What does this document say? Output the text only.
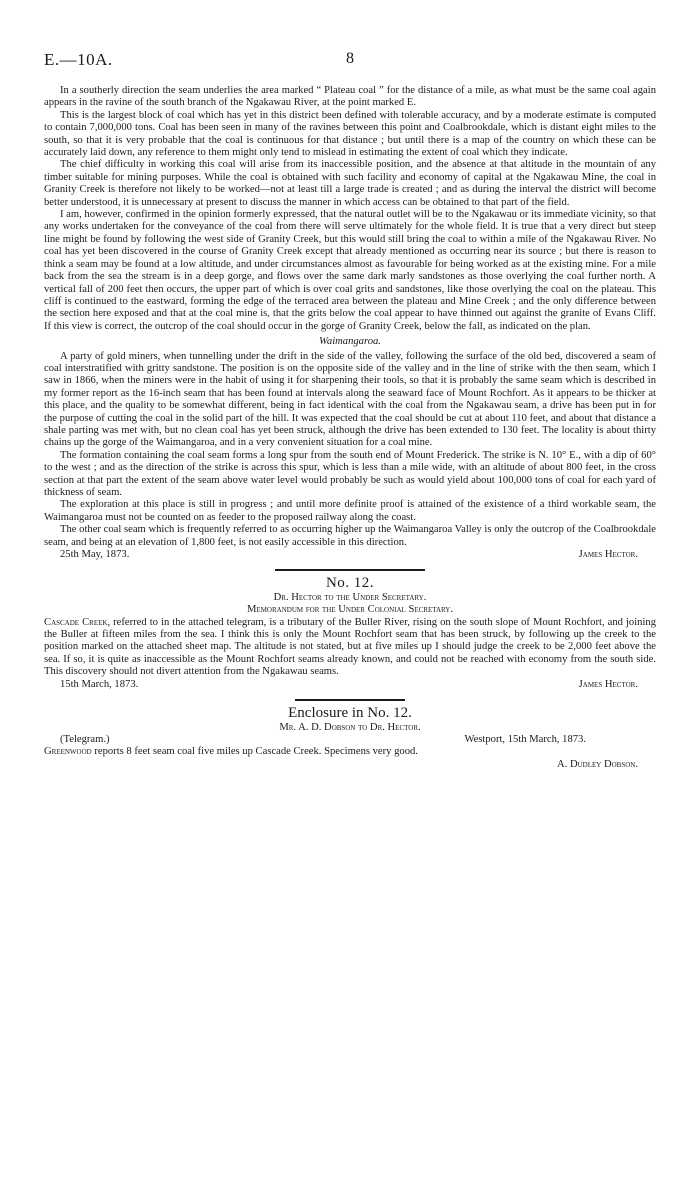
E.—10A.	8

In a southerly direction the seam underlies the area marked “ Plateau coal ” for the distance of a mile, as what must be the same coal again appears in the ravine of the south branch of the Ngakawau River, at the point marked E.

This is the largest block of coal which has yet in this district been defined with tolerable accuracy, and by a moderate estimate is computed to contain 7,000,000 tons. Coal has been seen in many of the ravines between this point and Coalbrookdale, which is distant eight miles to the south, so that it is very probable that the coal is continuous for that distance ; but until there is a map of the country on which these can be accurately laid down, any reference to them might only tend to mislead in estimating the extent of coal which they indicate.

The chief difficulty in working this coal will arise from its inaccessible position, and the absence at that altitude in the mountain of any timber suitable for mining purposes. While the coal is obtained with such facility and economy of capital at the Ngakawau Mine, the coal in Granity Creek is therefore not likely to be worked—not at least till a large trade is created ; and as during the interval the district will become better understood, it is unnecessary at present to discuss the manner in which access can be obtained to that part of the field.

I am, however, confirmed in the opinion formerly expressed, that the natural outlet will be to the Ngakawau or its immediate vicinity, so that any works undertaken for the conveyance of the coal from there will serve ultimately for the whole field. It is true that a very direct but steep line might be found by following the west side of Granity Creek, but this would still bring the coal to within a mile of the Ngakawau River. No coal has yet been discovered in the course of Granity Creek except that already mentioned as occurring near its source ; but there is reason to think a seam may be found at a low altitude, and under circumstances almost as favourable for being worked as at the existing mine. For a mile back from the sea the stream is in a deep gorge, and flows over the same dark marly sandstones as those overlying the coal further north. A vertical fall of 200 feet then occurs, the upper part of which is over coal grits and sandstones, like those overlying the coal on the plateau. This cliff is continued to the eastward, forming the edge of the terraced area between the plateau and Mine Creek ; and the only difference between the section here exposed and that at the coal mine is, that the grits below the coal appear to have thinned out against the granite of Evans Cliff. If this view is correct, the outcrop of the coal should occur in the gorge of Granity Creek, below the fall, as indicated on the plan.

Waimangaroa.

A party of gold miners, when tunnelling under the drift in the side of the valley, following the surface of the old bed, discovered a seam of coal interstratified with gritty sandstone. The position is on the opposite side of the valley and in the line of strike with the then seam, which I saw in 1866, when the miners were in the habit of using it for sharpening their tools, so that it is probably the same seam which is described in my former report as the 16-inch seam that has been found at intervals along the seaward face of Mount Rochfort. As it appears to be thicker at this place, and the quality to be somewhat different, being in fact identical with the coal from the Ngakawau seam, a drive has been put in for the purpose of cutting the coal in the solid part of the hill. It was expected that the coal should be cut at about 110 feet, and about that distance a shale parting was met with, but no clean coal has yet been struck, although the drive has been extended to 130 feet. The locality is about thirty chains up the gorge of the Waimangaroa, and in a very convenient situation for a coal mine.

The formation containing the coal seam forms a long spur from the south end of Mount Frederick. The strike is N. 10° E., with a dip of 60° to the west ; and as the direction of the strike is across this spur, which is less than a mile wide, with an altitude of about 800 feet, in the cross section at that part the extent of the seam above water level would probably be such as would yield about 100,000 tons of coal for each yard of thickness of seam.

The exploration at this place is still in progress ; and until more definite proof is attained of the existence of a third workable seam, the Waimangaroa must not be counted on as feeder to the proposed railway along the coast.

The other coal seam which is frequently referred to as occurring higher up the Waimangaroa Valley is only the outcrop of the Coalbrookdale seam, and being at an elevation of 1,800 feet, is not easily accessible in this direction.

25th May, 1873.	James Hector.
No. 12.
Dr. Hector to the Under Secretary.
Memorandum for the Under Colonial Secretary.

Cascade Creek, referred to in the attached telegram, is a tributary of the Buller River, rising on the south slope of Mount Rochfort, and joining the Buller at fifteen miles from the sea. I think this is only the Mount Rochfort seam that has been struck, by following up the creek to the position marked on the attached sheet map. The altitude is not stated, but at five miles up I should judge the creek to be 2,000 feet above the sea. If so, it is quite as inaccessible as the Mount Rochfort seams already known, and could not be reached with economy from the south side. This discovery should not divert attention from the Ngakawau seams.

15th March, 1873.	James Hector.
Enclosure in No. 12.
Mr. A. D. Dobson to Dr. Hector.
(Telegram.)	Westport, 15th March, 1873.

Greenwood reports 8 feet seam coal five miles up Cascade Creek. Specimens very good.

A. Dudley Dobson.
